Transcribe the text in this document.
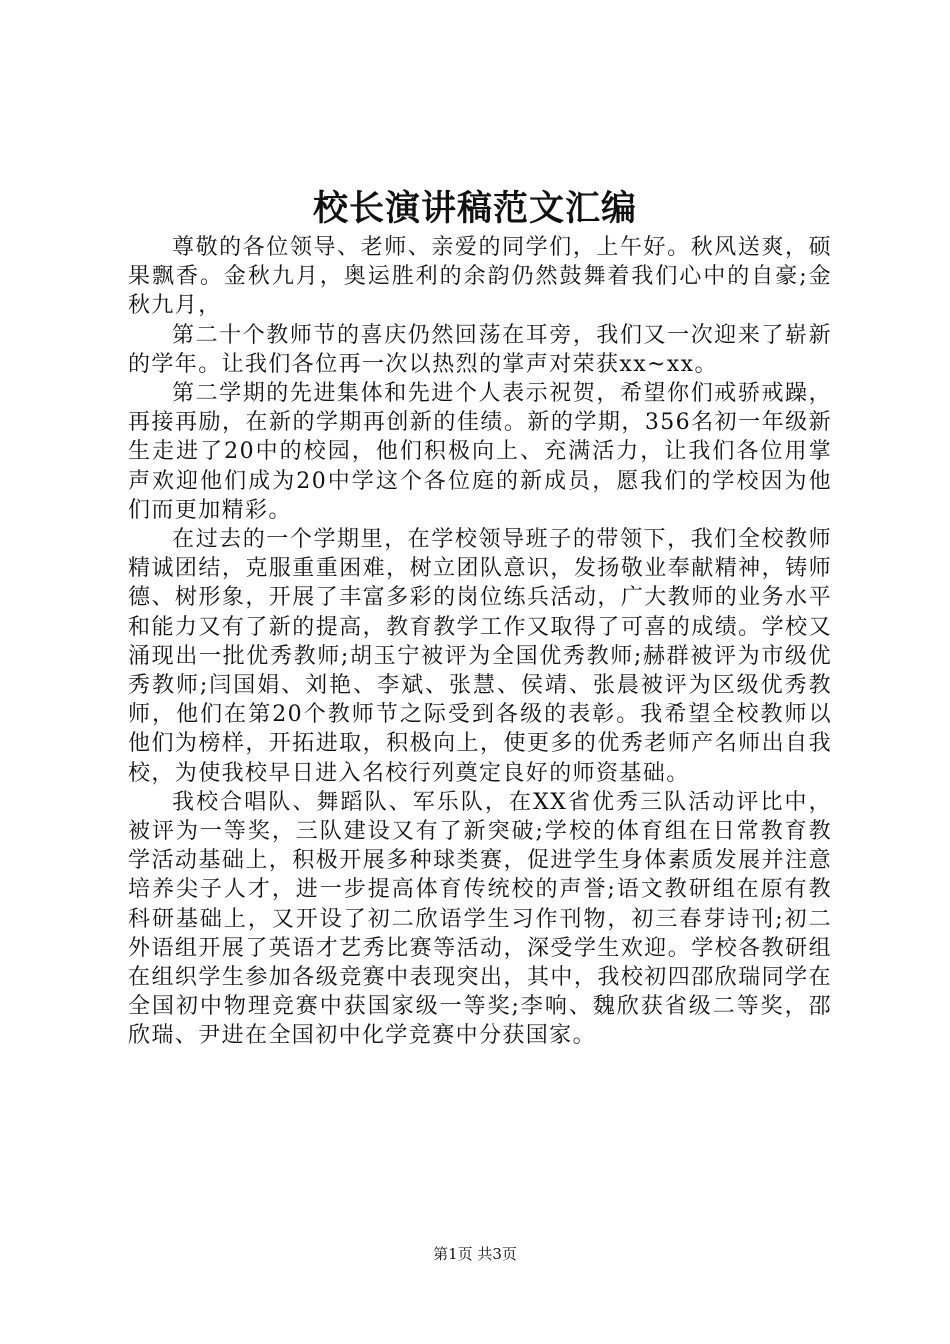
校长演讲稿范文汇编

尊敬的各位领导、老师、亲爱的同学们，上午好。秋风送爽，硕果飘香。金秋九月，奥运胜利的余韵仍然鼓舞着我们心中的自豪;金秋九月，

第二十个教师节的喜庆仍然回荡在耳旁，我们又一次迎来了崭新的学年。让我们各位再一次以热烈的掌声对荣获xx~xx。

第二学期的先进集体和先进个人表示祝贺，希望你们戒骄戒躁，再接再励，在新的学期再创新的佳绩。新的学期，356名初一年级新生走进了20中的校园，他们积极向上、充满活力，让我们各位用掌声欢迎他们成为20中学这个各位庭的新成员，愿我们的学校因为他们而更加精彩。

在过去的一个学期里，在学校领导班子的带领下，我们全校教师精诚团结，克服重重困难，树立团队意识，发扬敬业奉献精神，铸师德、树形象，开展了丰富多彩的岗位练兵活动，广大教师的业务水平和能力又有了新的提高，教育教学工作又取得了可喜的成绩。学校又涌现出一批优秀教师;胡玉宁被评为全国优秀教师;赫群被评为市级优秀教师;闫国娟、刘艳、李斌、张慧、侯靖、张晨被评为区级优秀教师，他们在第20个教师节之际受到各级的表彰。我希望全校教师以他们为榜样，开拓进取，积极向上，使更多的优秀老师产名师出自我校，为使我校早日进入名校行列奠定良好的师资基础。

我校合唱队、舞蹈队、军乐队，在XX省优秀三队活动评比中，被评为一等奖，三队建设又有了新突破;学校的体育组在日常教育教学活动基础上，积极开展多种球类赛，促进学生身体素质发展并注意培养尖子人才，进一步提高体育传统校的声誉;语文教研组在原有教科研基础上，又开设了初二欣语学生习作刊物，初三春芽诗刊;初二外语组开展了英语才艺秀比赛等活动，深受学生欢迎。学校各教研组在组织学生参加各级竞赛中表现突出，其中，我校初四邵欣瑞同学在全国初中物理竞赛中获国家级一等奖;李响、魏欣获省级二等奖，邵欣瑞、尹进在全国初中化学竞赛中分获国家。

第1页 共3页
